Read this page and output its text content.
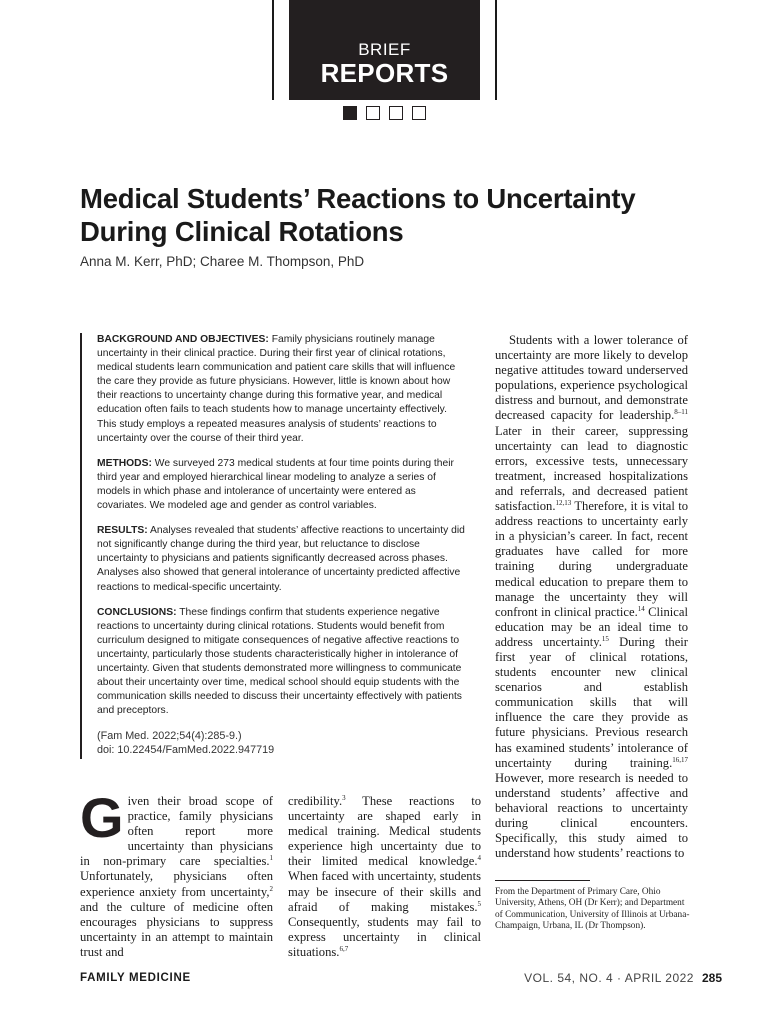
BRIEF
REPORTS
Medical Students’ Reactions to Uncertainty During Clinical Rotations
Anna M. Kerr, PhD; Charee M. Thompson, PhD

BACKGROUND AND OBJECTIVES: Family physicians routinely manage uncertainty in their clinical practice. During their first year of clinical rotations, medical students learn communication and patient care skills that will influence the care they provide as future physicians. However, little is known about how their reactions to uncertainty change during this formative year, and medical education often fails to teach students how to manage uncertainty effectively. This study employs a repeated measures analysis of students’ reactions to uncertainty over the course of their third year.

METHODS: We surveyed 273 medical students at four time points during their third year and employed hierarchical linear modeling to analyze a series of models in which phase and intolerance of uncertainty were entered as covariates. We modeled age and gender as control variables.

RESULTS: Analyses revealed that students’ affective reactions to uncertainty did not significantly change during the third year, but reluctance to disclose uncertainty to physicians and patients significantly decreased across phases. Analyses also showed that general intolerance of uncertainty predicted affective reactions to medical-specific uncertainty.

CONCLUSIONS: These findings confirm that students experience negative reactions to uncertainty during clinical rotations. Students would benefit from curriculum designed to mitigate consequences of negative affective reactions to uncertainty, particularly those students characteristically higher in intolerance of uncertainty. Given that students demonstrated more willingness to communicate about their uncertainty over time, medical school should equip students with the communication skills needed to discuss their uncertainty effectively with patients and preceptors.

(Fam Med. 2022;54(4):285-9.)

doi: 10.22454/FamMed.2022.947719

Given their broad scope of practice, family physicians often report more uncertainty than physicians in non-primary care specialties.$^1$ Unfortunately, physicians often experience anxiety from uncertainty,$^2$ and the culture of medicine often encourages physicians to suppress uncertainty in an attempt to maintain trust and

credibility.$^3$ These reactions to uncertainty are shaped early in medical training. Medical students experience high uncertainty due to their limited medical knowledge.$^4$ When faced with uncertainty, students may be insecure of their skills and afraid of making mistakes.$^5$ Consequently, students may fail to express uncertainty in clinical situations.$^{6,7}$

Students with a lower tolerance of uncertainty are more likely to develop negative attitudes toward underserved populations, experience psychological distress and burnout, and demonstrate decreased capacity for leadership.$^{8-11}$ Later in their career, suppressing uncertainty can lead to diagnostic errors, excessive tests, unnecessary treatment, increased hospitalizations and referrals, and decreased patient satisfaction.$^{12,13}$ Therefore, it is vital to address reactions to uncertainty early in a physician’s career. In fact, recent graduates have called for more training during undergraduate medical education to prepare them to manage the uncertainty they will confront in clinical practice.$^{14}$ Clinical education may be an ideal time to address uncertainty.$^{15}$ During their first year of clinical rotations, students encounter new clinical scenarios and establish communication skills that will influence the care they provide as future physicians. Previous research has examined students’ intolerance of uncertainty during training.$^{16,17}$ However, more research is needed to understand students’ affective and behavioral reactions to uncertainty during clinical encounters. Specifically, this study aimed to understand how students’ reactions to

From the Department of Primary Care, Ohio University, Athens, OH (Dr Kerr); and Department of Communication, University of Illinois at Urbana-Champaign, Urbana, IL (Dr Thompson).
FAMILY MEDICINE	VOL. 54, NO. 4 · APRIL 2022 285
